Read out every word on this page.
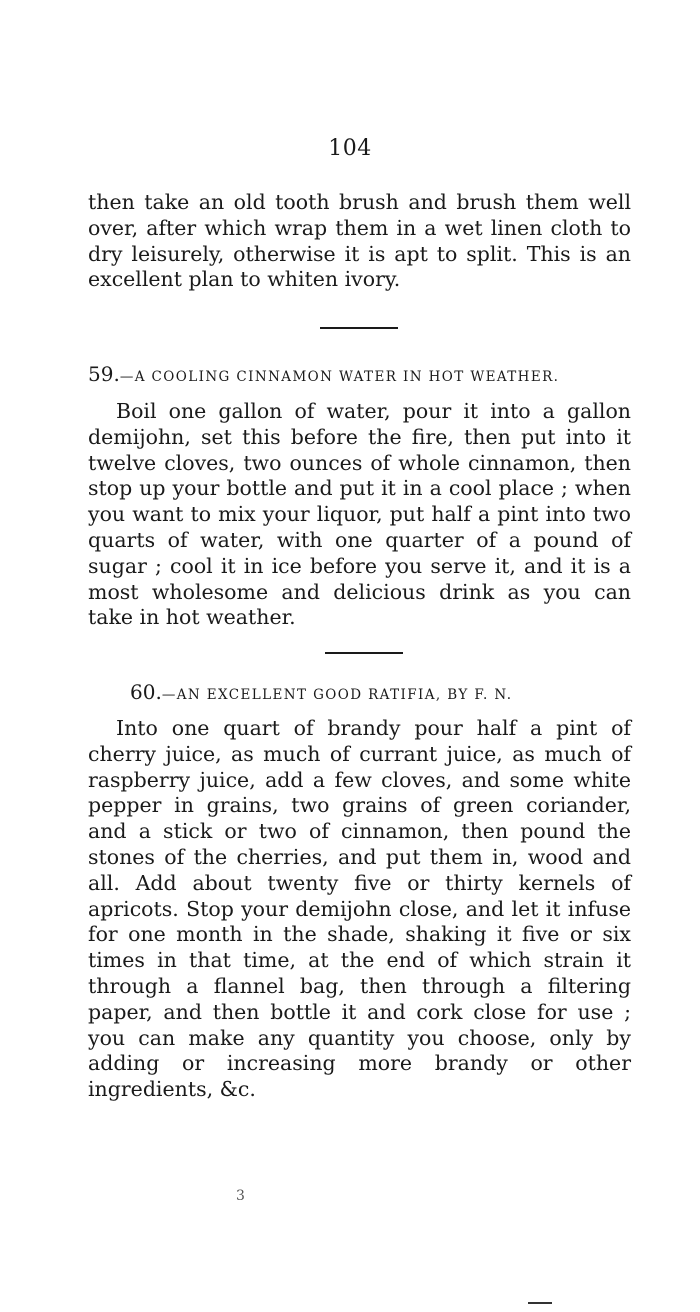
104

then take an old tooth brush and brush them well over, after which wrap them in a wet linen cloth to dry leisurely, otherwise it is apt to split. This is an excellent plan to whiten ivory.

59.—A COOLING CINNAMON WATER IN HOT WEATHER.

Boil one gallon of water, pour it into a gallon demijohn, set this before the fire, then put into it twelve cloves, two ounces of whole cinnamon, then stop up your bottle and put it in a cool place ; when you want to mix your liquor, put half a pint into two quarts of water, with one quarter of a pound of sugar ; cool it in ice before you serve it, and it is a most wholesome and delicious drink as you can take in hot weather.

60.—AN EXCELLENT GOOD RATIFIA, BY F. N.

Into one quart of brandy pour half a pint of cherry juice, as much of currant juice, as much of raspberry juice, add a few cloves, and some white pepper in grains, two grains of green coriander, and a stick or two of cinnamon, then pound the stones of the cherries, and put them in, wood and all. Add about twenty five or thirty kernels of apricots. Stop your demijohn close, and let it infuse for one month in the shade, shaking it five or six times in that time, at the end of which strain it through a flannel bag, then through a filtering paper, and then bottle it and cork close for use ; you can make any quantity you choose, only by adding or increasing more brandy or other ingredients, &c.

3
